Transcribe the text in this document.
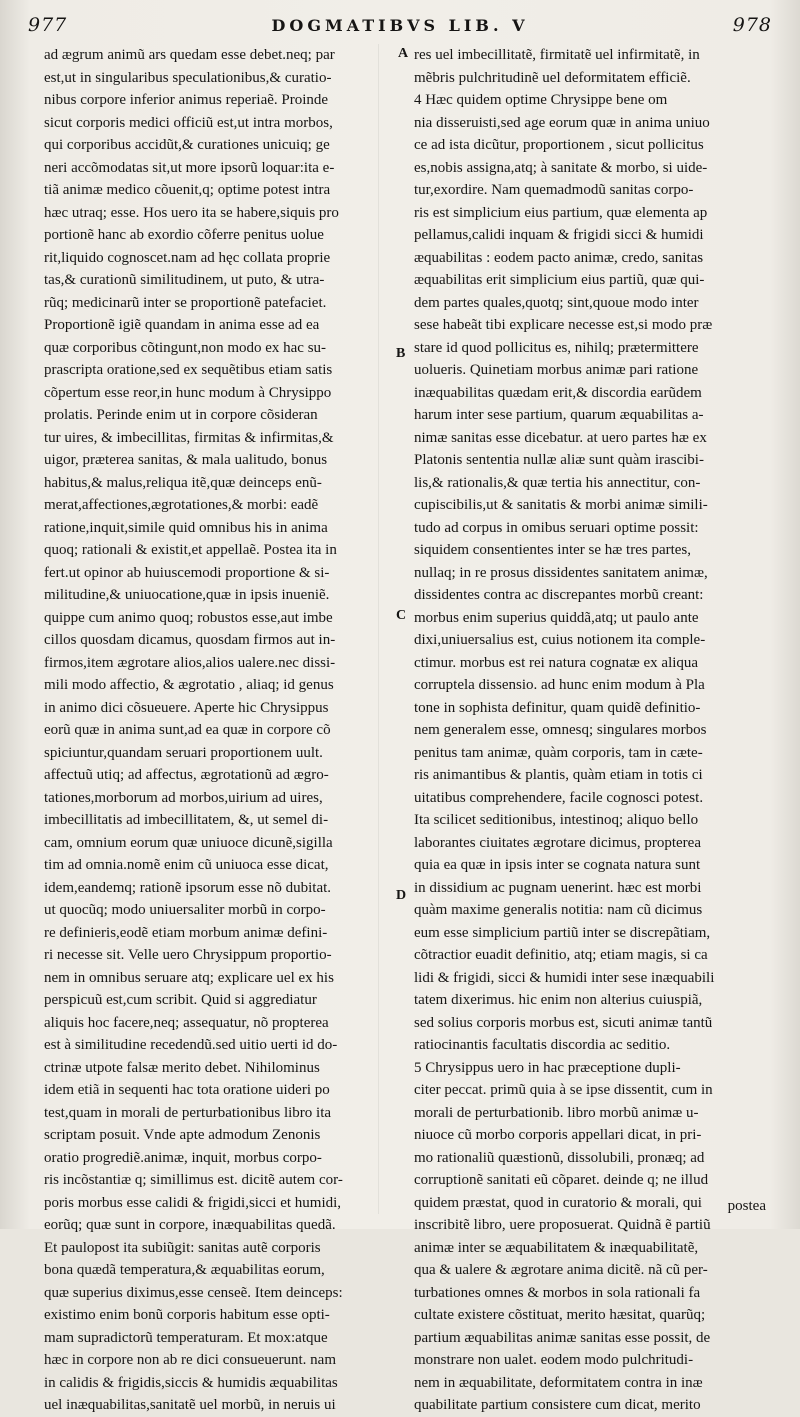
977	DOGMATIBVS LIB. V	978
ad ægrum animũ ars quedam esse debet.neq; par
est,ut in singularibus speculationibus,& curatio-
nibus corpore inferior animus reperiaẽ. Proinde
sicut corporis medici officiũ est,ut intra morbos,
qui corporibus accidũt,& curationes unicuiq; ge
neri accõmodatas sit,ut more ipsorũ loquar:ita e-
tiã animæ medico cõuenit,q; optime potest intra
hæc utraq; esse. Hos uero ita se habere,siquis pro
portionẽ hanc ab exordio cõferre penitus uolue
rit,liquido cognoscet.nam ad hęc collata proprie
tas,& curationũ similitudinem, ut puto, & utra-
rũq; medicinarũ inter se proportionẽ patefaciet.
Proportionẽ igiẽ quandam in anima esse ad ea
quæ corporibus cõtingunt,non modo ex hac su-
prascripta oratione,sed ex sequẽtibus etiam satis
cõpertum esse reor,in hunc modum à Chrysippo
prolatis. Perinde enim ut in corpore cõsideran
tur uires, & imbecillitas, firmitas & infirmitas,&
uigor, præterea sanitas, & mala ualitudo, bonus
habitus,& malus,reliqua itẽ,quæ deinceps enũ-
merat,affectiones,ægrotationes,& morbi: eadẽ
ratione,inquit,simile quid omnibus his in anima
quoq; rationali & existit,et appellaẽ. Postea ita in
fert.ut opinor ab huiuscemodi proportione & si-
militudine,& uniuocatione,quæ in ipsis inueniẽ.
quippe cum animo quoq; robustos esse,aut imbe
cillos quosdam dicamus, quosdam firmos aut in-
firmos,item ægrotare alios,alios ualere.nec dissi-
mili modo affectio, & ægrotatio , aliaq; id genus
in animo dici cõsueuere. Aperte hic Chrysippus
eorũ quæ in anima sunt,ad ea quæ in corpore cõ
spiciuntur,quandam seruari proportionem uult.
affectuũ utiq; ad affectus, ægrotationũ ad ægro-
tationes,morborum ad morbos,uirium ad uires,
imbecillitatis ad imbecillitatem, &, ut semel di-
cam, omnium eorum quæ uniuoce dicunẽ,sigilla
tim ad omnia.nomẽ enim cũ uniuoca esse dicat,
idem,eandemq; rationẽ ipsorum esse nõ dubitat.
ut quocũq; modo uniuersaliter morbũ in corpo-
re definieris,eodẽ etiam morbum animæ defini-
ri necesse sit. Velle uero Chrysippum proportio-
nem in omnibus seruare atq; explicare uel ex his
perspicuũ est,cum scribit. Quid si aggrediatur
aliquis hoc facere,neq; assequatur, nõ propterea
est à similitudine recedendũ.sed uitio uerti id do-
ctrinæ utpote falsæ merito debet. Nihilominus
idem etiã in sequenti hac tota oratione uideri po
test,quam in morali de perturbationibus libro ita
scriptam posuit. Vnde apte admodum Zenonis
oratio progrediẽ.animæ, inquit, morbus corpo-
ris incõstantiæ q; simillimus est. dicitẽ autem cor-
poris morbus esse calidi & frigidi,sicci et humidi,
eorũq; quæ sunt in corpore, inæquabilitas quedã.
Et paulopost ita subiũgit: sanitas autẽ corporis
bona quædã temperatura,& æquabilitas eorum,
quæ superius diximus,esse censeẽ. Item deinceps:
existimo enim bonũ corporis habitum esse opti-
mam supradictorũ temperaturam. Et mox:atque
hæc in corpore non ab re dici consueuerunt. nam
in calidis & frigidis,siccis & humidis æquabilitas
uel inæquabilitas,sanitatẽ uel morbũ, in neruis ui
res uel imbecillitatẽ, firmitatẽ uel infirmitatẽ, in
mẽbris pulchritudinẽ uel deformitatem efficiẽ.
4 Hæc quidem optime Chrysippe bene om
nia disseruisti,sed age eorum quæ in anima uniuo
ce ad ista dicũtur, proportionem , sicut pollicitus
es,nobis assigna,atq; à sanitate & morbo, si uide-
tur,exordire. Nam quemadmodũ sanitas corpo-
ris est simplicium eius partium, quæ elementa ap
pellamus,calidi inquam & frigidi sicci & humidi
æquabilitas : eodem pacto animæ, credo, sanitas
æquabilitas erit simplicium eius partiũ, quæ qui-
dem partes quales,quotq; sint,quoue modo inter
sese habeãt tibi explicare necesse est,si modo præ
stare id quod pollicitus es, nihilq; prætermittere
uolueris. Quinetiam morbus animæ pari ratione
inæquabilitas quædam erit,& discordia earũdem
harum inter sese partium, quarum æquabilitas a-
nimæ sanitas esse dicebatur. at uero partes hæ ex
Platonis sententia nullæ aliæ sunt quàm irascibi-
lis,& rationalis,& quæ tertia his annectitur, con-
cupiscibilis,ut & sanitatis & morbi animæ simili-
tudo ad corpus in omibus seruari optime possit:
siquidem consentientes inter se hæ tres partes,
nullaq; in re prosus dissidentes sanitatem animæ,
dissidentes contra ac discrepantes morbũ creant:
morbus enim superius quiddã,atq; ut paulo ante
dixi,uniuersalius est, cuius notionem ita comple-
ctimur. morbus est rei natura cognatæ ex aliqua
corruptela dissensio. ad hunc enim modum à Pla
tone in sophista definitur, quam quidẽ definitio-
nem generalem esse, omnesq; singulares morbos
penitus tam animæ, quàm corporis, tam in cæte-
ris animantibus & plantis, quàm etiam in totis ci
uitatibus comprehendere, facile cognosci potest.
Ita scilicet seditionibus, intestinoq; aliquo bello
laborantes ciuitates ægrotare dicimus, propterea
quia ea quæ in ipsis inter se cognata natura sunt
in dissidium ac pugnam uenerint. hæc est morbi
quàm maxime generalis notitia: nam cũ dicimus
eum esse simplicium partiũ inter se discrepãtiam,
cõtractior euadit definitio, atq; etiam magis, si ca
lidi & frigidi, sicci & humidi inter sese inæquabili
tatem dixerimus. hic enim non alterius cuiuspiã,
sed solius corporis morbus est, sicuti animæ tantũ
ratiocinantis facultatis discordia ac seditio.
5 Chrysippus uero in hac præceptione dupli-
citer peccat. primũ quia à se ipse dissentit, cum in
morali de perturbationib. libro morbũ animæ u-
niuoce cũ morbo corporis appellari dicat, in pri-
mo rationaliũ quæstionũ, dissolubili, pronæq; ad
corruptionẽ sanitati eũ cõparet. deinde q; ne illud
quidem præstat, quod in curatorio & morali, qui
inscribitẽ libro, uere proposuerat. Quidnã ẽ partiũ
animæ inter se æquabilitatem & inæquabilitatẽ,
qua & ualere & ægrotare anima dicitẽ. nã cũ per-
turbationes omnes & morbos in sola rationali fa
cultate existere cõstituat, merito hæsitat, quarũq;
partium æquabilitas animæ sanitas esse possit, de
monstrare non ualet. eodem modo pulchritudi-
nem in æquabilitate, deformitatem contra in inæ
quabilitate partium consistere cum dicat, merito
A
B
C
D
postea
